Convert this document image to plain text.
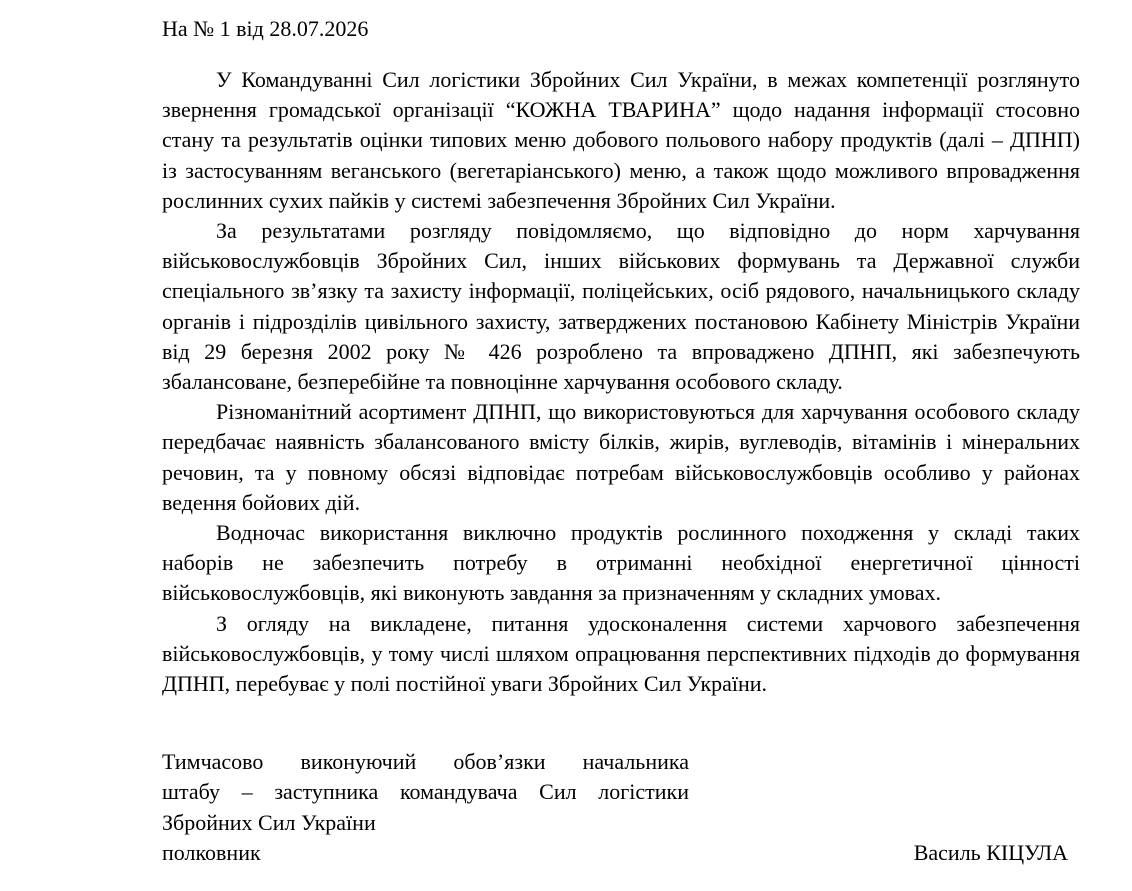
На № 1 від 28.07.2026

У Командуванні Сил логістики Збройних Сил України, в межах компетенції розглянуто звернення громадської організації “КОЖНА ТВАРИНА” щодо надання інформації стосовно стану та результатів оцінки типових меню добового польового набору продуктів (далі – ДПНП) із застосуванням веганського (вегетаріанського) меню, а також щодо можливого впровадження рослинних сухих пайків у системі забезпечення Збройних Сил України.

За результатами розгляду повідомляємо, що відповідно до норм харчування військовослужбовців Збройних Сил, інших військових формувань та Державної служби спеціального зв’язку та захисту інформації, поліцейських, осіб рядового, начальницького складу органів і підрозділів цивільного захисту, затверджених постановою Кабінету Міністрів України від 29 березня 2002 року № 426 розроблено та впроваджено ДПНП, які забезпечують збалансоване, безперебійне та повноцінне харчування особового складу.

Різноманітний асортимент ДПНП, що використовуються для харчування особового складу передбачає наявність збалансованого вмісту білків, жирів, вуглеводів, вітамінів і мінеральних речовин, та у повному обсязі відповідає потребам військовослужбовців особливо у районах ведення бойових дій.

Водночас використання виключно продуктів рослинного походження у складі таких наборів не забезпечить потребу в отриманні необхідної енергетичної цінності військовослужбовців, які виконують завдання за призначенням у складних умовах.

З огляду на викладене, питання удосконалення системи харчового забезпечення військовослужбовців, у тому числі шляхом опрацювання перспективних підходів до формування ДПНП, перебуває у полі постійної уваги Збройних Сил України.

Тимчасово виконуючий обов’язки начальника
штабу – заступника командувача Сил логістики
Збройних Сил України
полковник	Василь КІЦУЛА
